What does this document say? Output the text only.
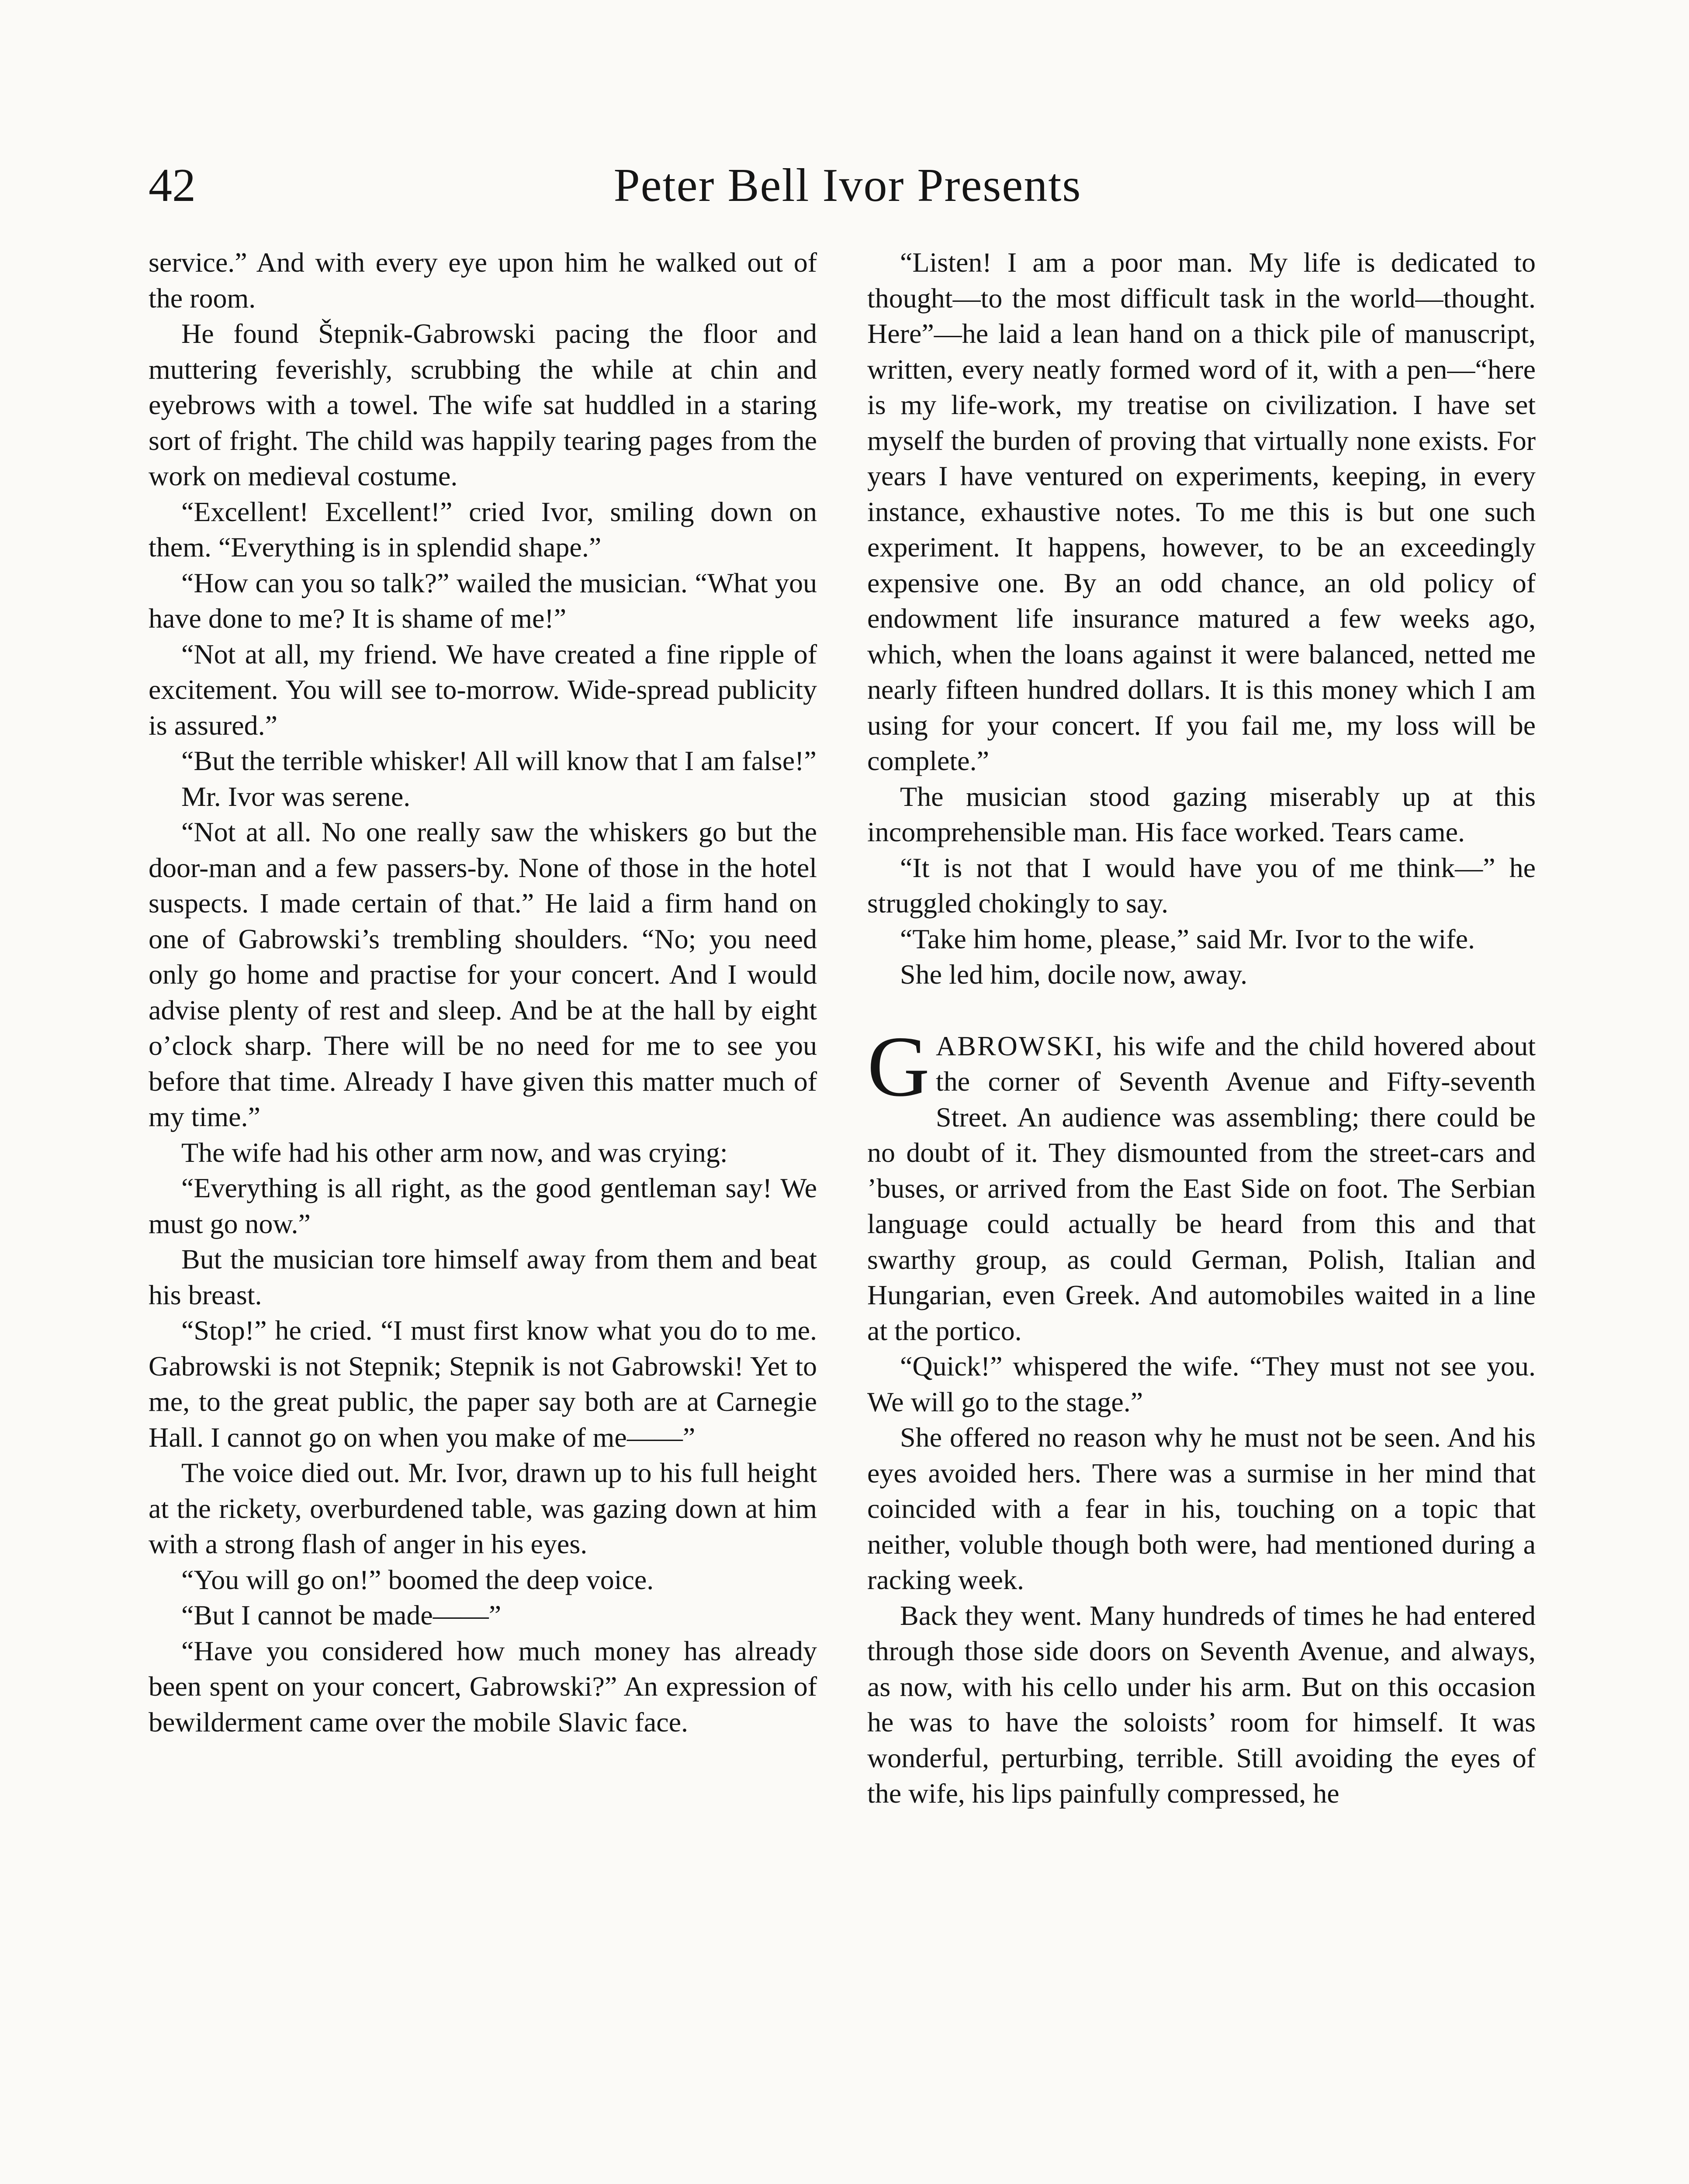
42	Peter Bell Ivor Presents

service.” And with every eye upon him he walked out of the room.

He found Štepnik-Gabrowski pacing the floor and muttering feverishly, scrubbing the while at chin and eyebrows with a towel. The wife sat huddled in a staring sort of fright. The child was happily tearing pages from the work on medieval costume.

“Excellent! Excellent!” cried Ivor, smiling down on them. “Everything is in splendid shape.”

“How can you so talk?” wailed the musician. “What you have done to me? It is shame of me!”

“Not at all, my friend. We have created a fine ripple of excitement. You will see to-morrow. Wide-spread publicity is assured.”

“But the terrible whisker! All will know that I am false!”

Mr. Ivor was serene.

“Not at all. No one really saw the whiskers go but the door-man and a few passers-by. None of those in the hotel suspects. I made certain of that.” He laid a firm hand on one of Gabrowski’s trembling shoulders. “No; you need only go home and practise for your concert. And I would advise plenty of rest and sleep. And be at the hall by eight o’clock sharp. There will be no need for me to see you before that time. Already I have given this matter much of my time.”

The wife had his other arm now, and was crying:

“Everything is all right, as the good gentleman say! We must go now.”

But the musician tore himself away from them and beat his breast.

“Stop!” he cried. “I must first know what you do to me. Gabrowski is not Stepnik; Stepnik is not Gabrowski! Yet to me, to the great public, the paper say both are at Carnegie Hall. I cannot go on when you make of me——”

The voice died out. Mr. Ivor, drawn up to his full height at the rickety, overburdened table, was gazing down at him with a strong flash of anger in his eyes.

“You will go on!” boomed the deep voice.

“But I cannot be made——”

“Have you considered how much money has already been spent on your concert, Gabrowski?” An expression of bewilderment came over the mobile Slavic face.

“Listen! I am a poor man. My life is dedicated to thought—to the most difficult task in the world—thought. Here”—he laid a lean hand on a thick pile of manuscript, written, every neatly formed word of it, with a pen—“here is my life-work, my treatise on civilization. I have set myself the burden of proving that virtually none exists. For years I have ventured on experiments, keeping, in every instance, exhaustive notes. To me this is but one such experiment. It happens, however, to be an exceedingly expensive one. By an odd chance, an old policy of endowment life insurance matured a few weeks ago, which, when the loans against it were balanced, netted me nearly fifteen hundred dollars. It is this money which I am using for your concert. If you fail me, my loss will be complete.”

The musician stood gazing miserably up at this incomprehensible man. His face worked. Tears came.

“It is not that I would have you of me think—” he struggled chokingly to say.

“Take him home, please,” said Mr. Ivor to the wife.

She led him, docile now, away.

GABROWSKI, his wife and the child hovered about the corner of Seventh Avenue and Fifty-seventh Street. An audience was assembling; there could be no doubt of it. They dismounted from the street-cars and ’buses, or arrived from the East Side on foot. The Serbian language could actually be heard from this and that swarthy group, as could German, Polish, Italian and Hungarian, even Greek. And automobiles waited in a line at the portico.

“Quick!” whispered the wife. “They must not see you. We will go to the stage.”

She offered no reason why he must not be seen. And his eyes avoided hers. There was a surmise in her mind that coincided with a fear in his, touching on a topic that neither, voluble though both were, had mentioned during a racking week.

Back they went. Many hundreds of times he had entered through those side doors on Seventh Avenue, and always, as now, with his cello under his arm. But on this occasion he was to have the soloists’ room for himself. It was wonderful, perturbing, terrible. Still avoiding the eyes of the wife, his lips painfully compressed, he
